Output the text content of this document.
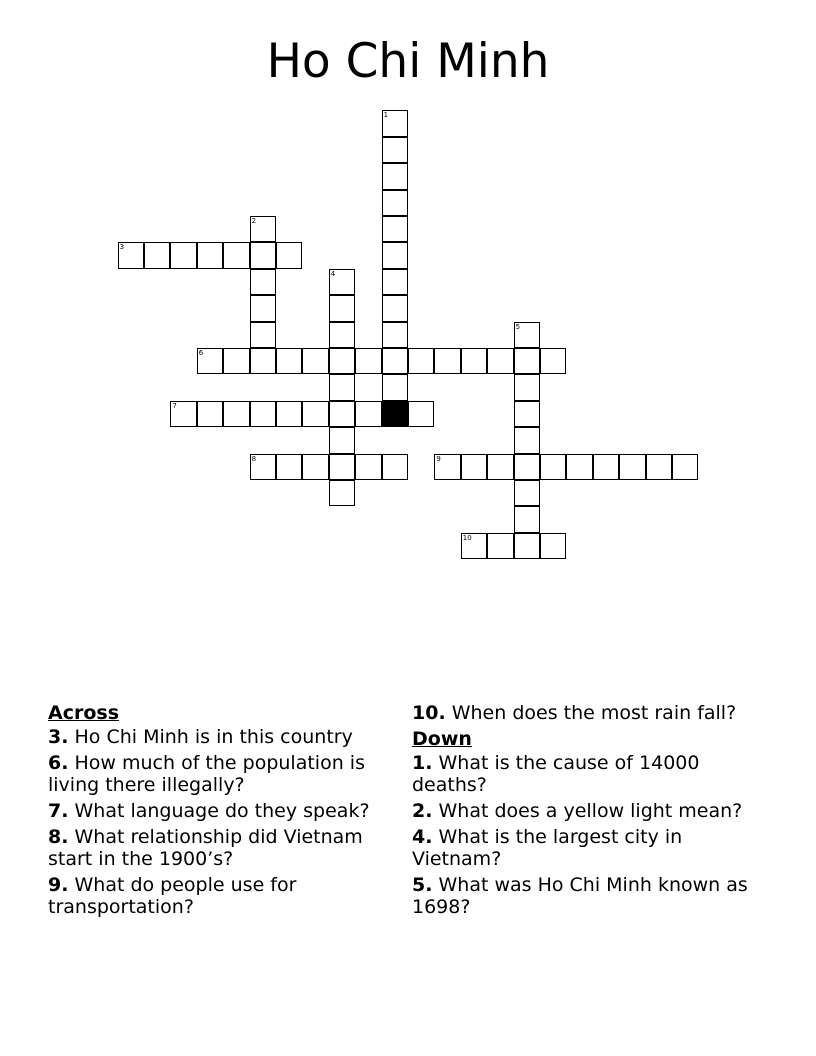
Ho Chi Minh
3
6
7
8	9
10
1
2
4
5
Across
3. Ho Chi Minh is in this country
6. How much of the population is living there illegally?
7. What language do they speak?
8. What relationship did Vietnam start in the 1900’s?
9. What do people use for transportation?
10. When does the most rain fall?
Down
1. What is the cause of 14000 deaths?
2. What does a yellow light mean?
4. What is the largest city in Vietnam?
5. What was Ho Chi Minh known as 1698?
